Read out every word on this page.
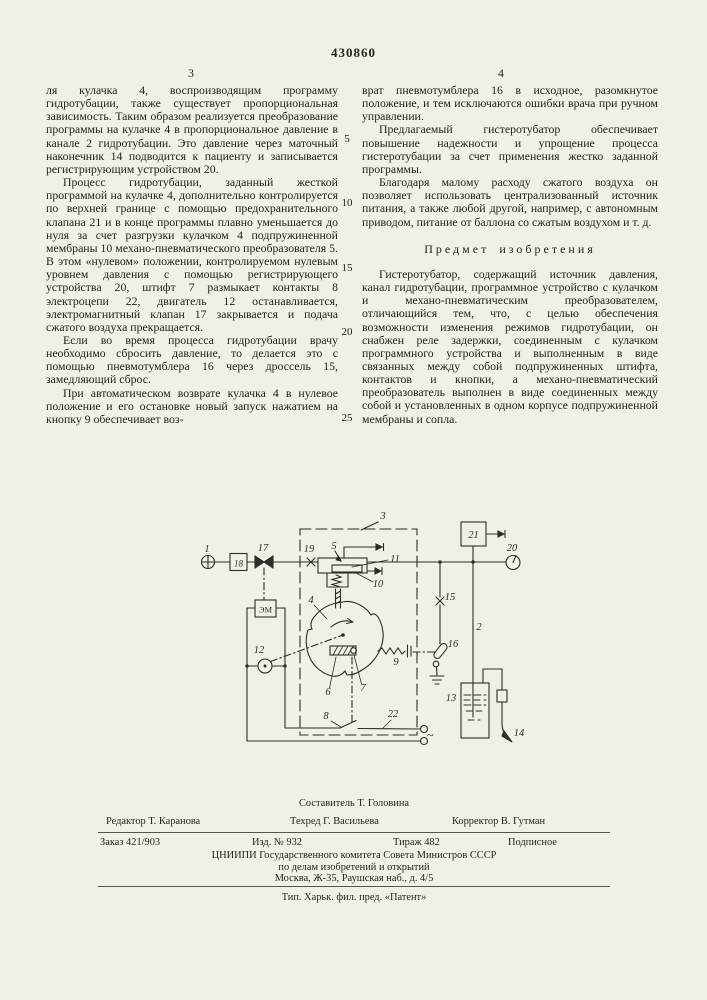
430860
3	4

ля кулачка 4, воспроизводящим программу гидротубации, также существует пропорциональная зависимость. Таким образом реализуется преобразование программы на кулачке 4 в пропорциональное давление в канале 2 гидротубации. Это давление через маточный наконечник 14 подводится к пациенту и записывается регистрирующим устройством 20.

Процесс гидротубации, заданный жесткой программой на кулачке 4, дополнительно контролируется по верхней границе с помощью предохранительного клапана 21 и в конце программы плавно уменьшается до нуля за счет разгрузки кулачком 4 подпружиненной мембраны 10 механо-пневматического преобразователя 5. В этом «нулевом» положении, контролируемом нулевым уровнем давления с помощью регистрирующего устройства 20, штифт 7 размыкает контакты 8 электроцепи 22, двигатель 12 останавливается, электромагнитный клапан 17 закрывается и подача сжатого воздуха прекращается.

Если во время процесса гидротубации врачу необходимо сбросить давление, то делается это с помощью пневмотумблера 16 через дроссель 15, замедляющий сброс.

При автоматическом возврате кулачка 4 в нулевое положение и его остановке новый запуск нажатием на кнопку 9 обеспечивает воз-

врат пневмотумблера 16 в исходное, разомкнутое положение, и тем исключаются ошибки врача при ручном управлении.

Предлагаемый гистеротубатор обеспечивает повышение надежности и упрощение процесса гистеротубации за счет применения жестко заданной программы.

Благодаря малому расходу сжатого воздуха он позволяет использовать централизованный источник питания, а также любой другой, например, с автономным приводом, питание от баллона со сжатым воздухом и т. д.

Предмет изобретения

Гистеротубатор, содержащий источник давления, канал гидротубации, программное устройство с кулачком и механо-пневматическим преобразователем, отличающийся тем, что, с целью обеспечения возможности изменения режимов гидротубации, он снабжен реле задержки, соединенным с кулачком программного устройства и выполненным в виде связанных между собой подпружиненных штифта, контактов и кнопки, а механо-пневматический преобразователь выполнен в виде соединенных между собой и установленных в одном корпусе подпружиненной мембраны и сопла.

5
10
15
20
25
1	17
18
19 5
3
11
10
ЭМ
4
12
6	7
9
8	22
15
16
2
21
20
13
14
~
Составитель Т. Головина
Редактор Т. Каранова	Техред Г. Васильева	Корректор В. Гутман
Заказ 421/903	Изд. № 932	Тираж 482	Подписное
ЦНИИПИ Государственного комитета Совета Министров СССР
по делам изобретений и открытий
Москва, Ж-35, Раушская наб., д. 4/5
Тип. Харьк. фил. пред. «Патент»
